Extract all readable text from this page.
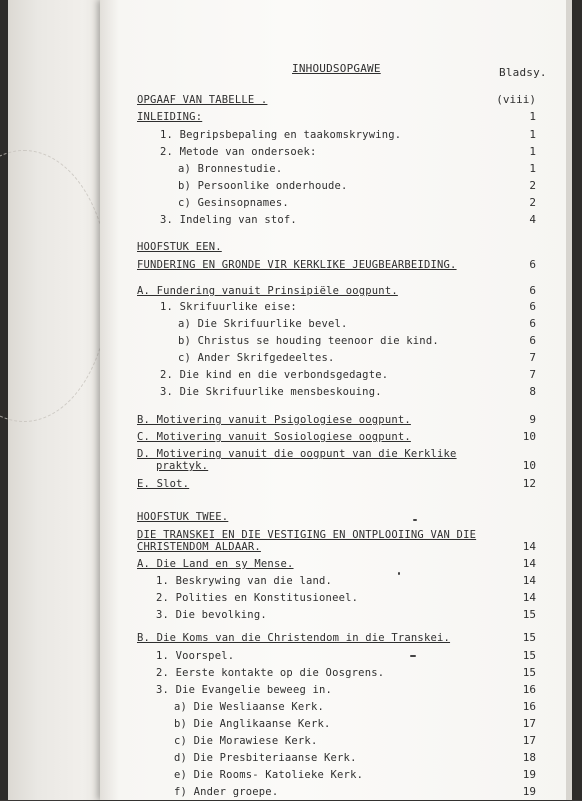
INHOUDSOPGAWE	Bladsy.
OPGAAF VAN TABELLE .	(viii)
INLEIDING:	1
1. Begripsbepaling en taakomskrywing.	1
2. Metode van ondersoek:	1
a) Bronnestudie.	1
b) Persoonlike onderhoude.	2
c) Gesinsopnames.	2
3. Indeling van stof.	4
HOOFSTUK EEN.
FUNDERING EN GRONDE VIR KERKLIKE JEUGBEARBEIDING.	6
A. Fundering vanuit Prinsipiële oogpunt.	6
1. Skrifuurlike eise:	6
a) Die Skrifuurlike bevel.	6
b) Christus se houding teenoor die kind.	6
c) Ander Skrifgedeeltes.	7
2. Die kind en die verbondsgedagte.	7
3. Die Skrifuurlike mensbeskouing.	8
B. Motivering vanuit Psigologiese oogpunt.	9
C. Motivering vanuit Sosiologiese oogpunt.	10
D. Motivering vanuit die oogpunt van die Kerklike
praktyk.	10
E. Slot.	12
HOOFSTUK TWEE.
DIE TRANSKEI EN DIE VESTIGING EN ONTPLOOIING VAN DIE
CHRISTENDOM ALDAAR.	14
A. Die Land en sy Mense.	14
1. Beskrywing van die land.	14
2. Polities en Konstitusioneel.	14
3. Die bevolking.	15
B. Die Koms van die Christendom in die Transkei.	15
1. Voorspel.	15
2. Eerste kontakte op die Oosgrens.	15
3. Die Evangelie beweeg in.	16
a) Die Wesliaanse Kerk.	16
b) Die Anglikaanse Kerk.	17
c) Die Morawiese Kerk.	17
d) Die Presbiteriaanse Kerk.	18
e) Die Rooms- Katolieke Kerk.	19
f) Ander groepe.	19
